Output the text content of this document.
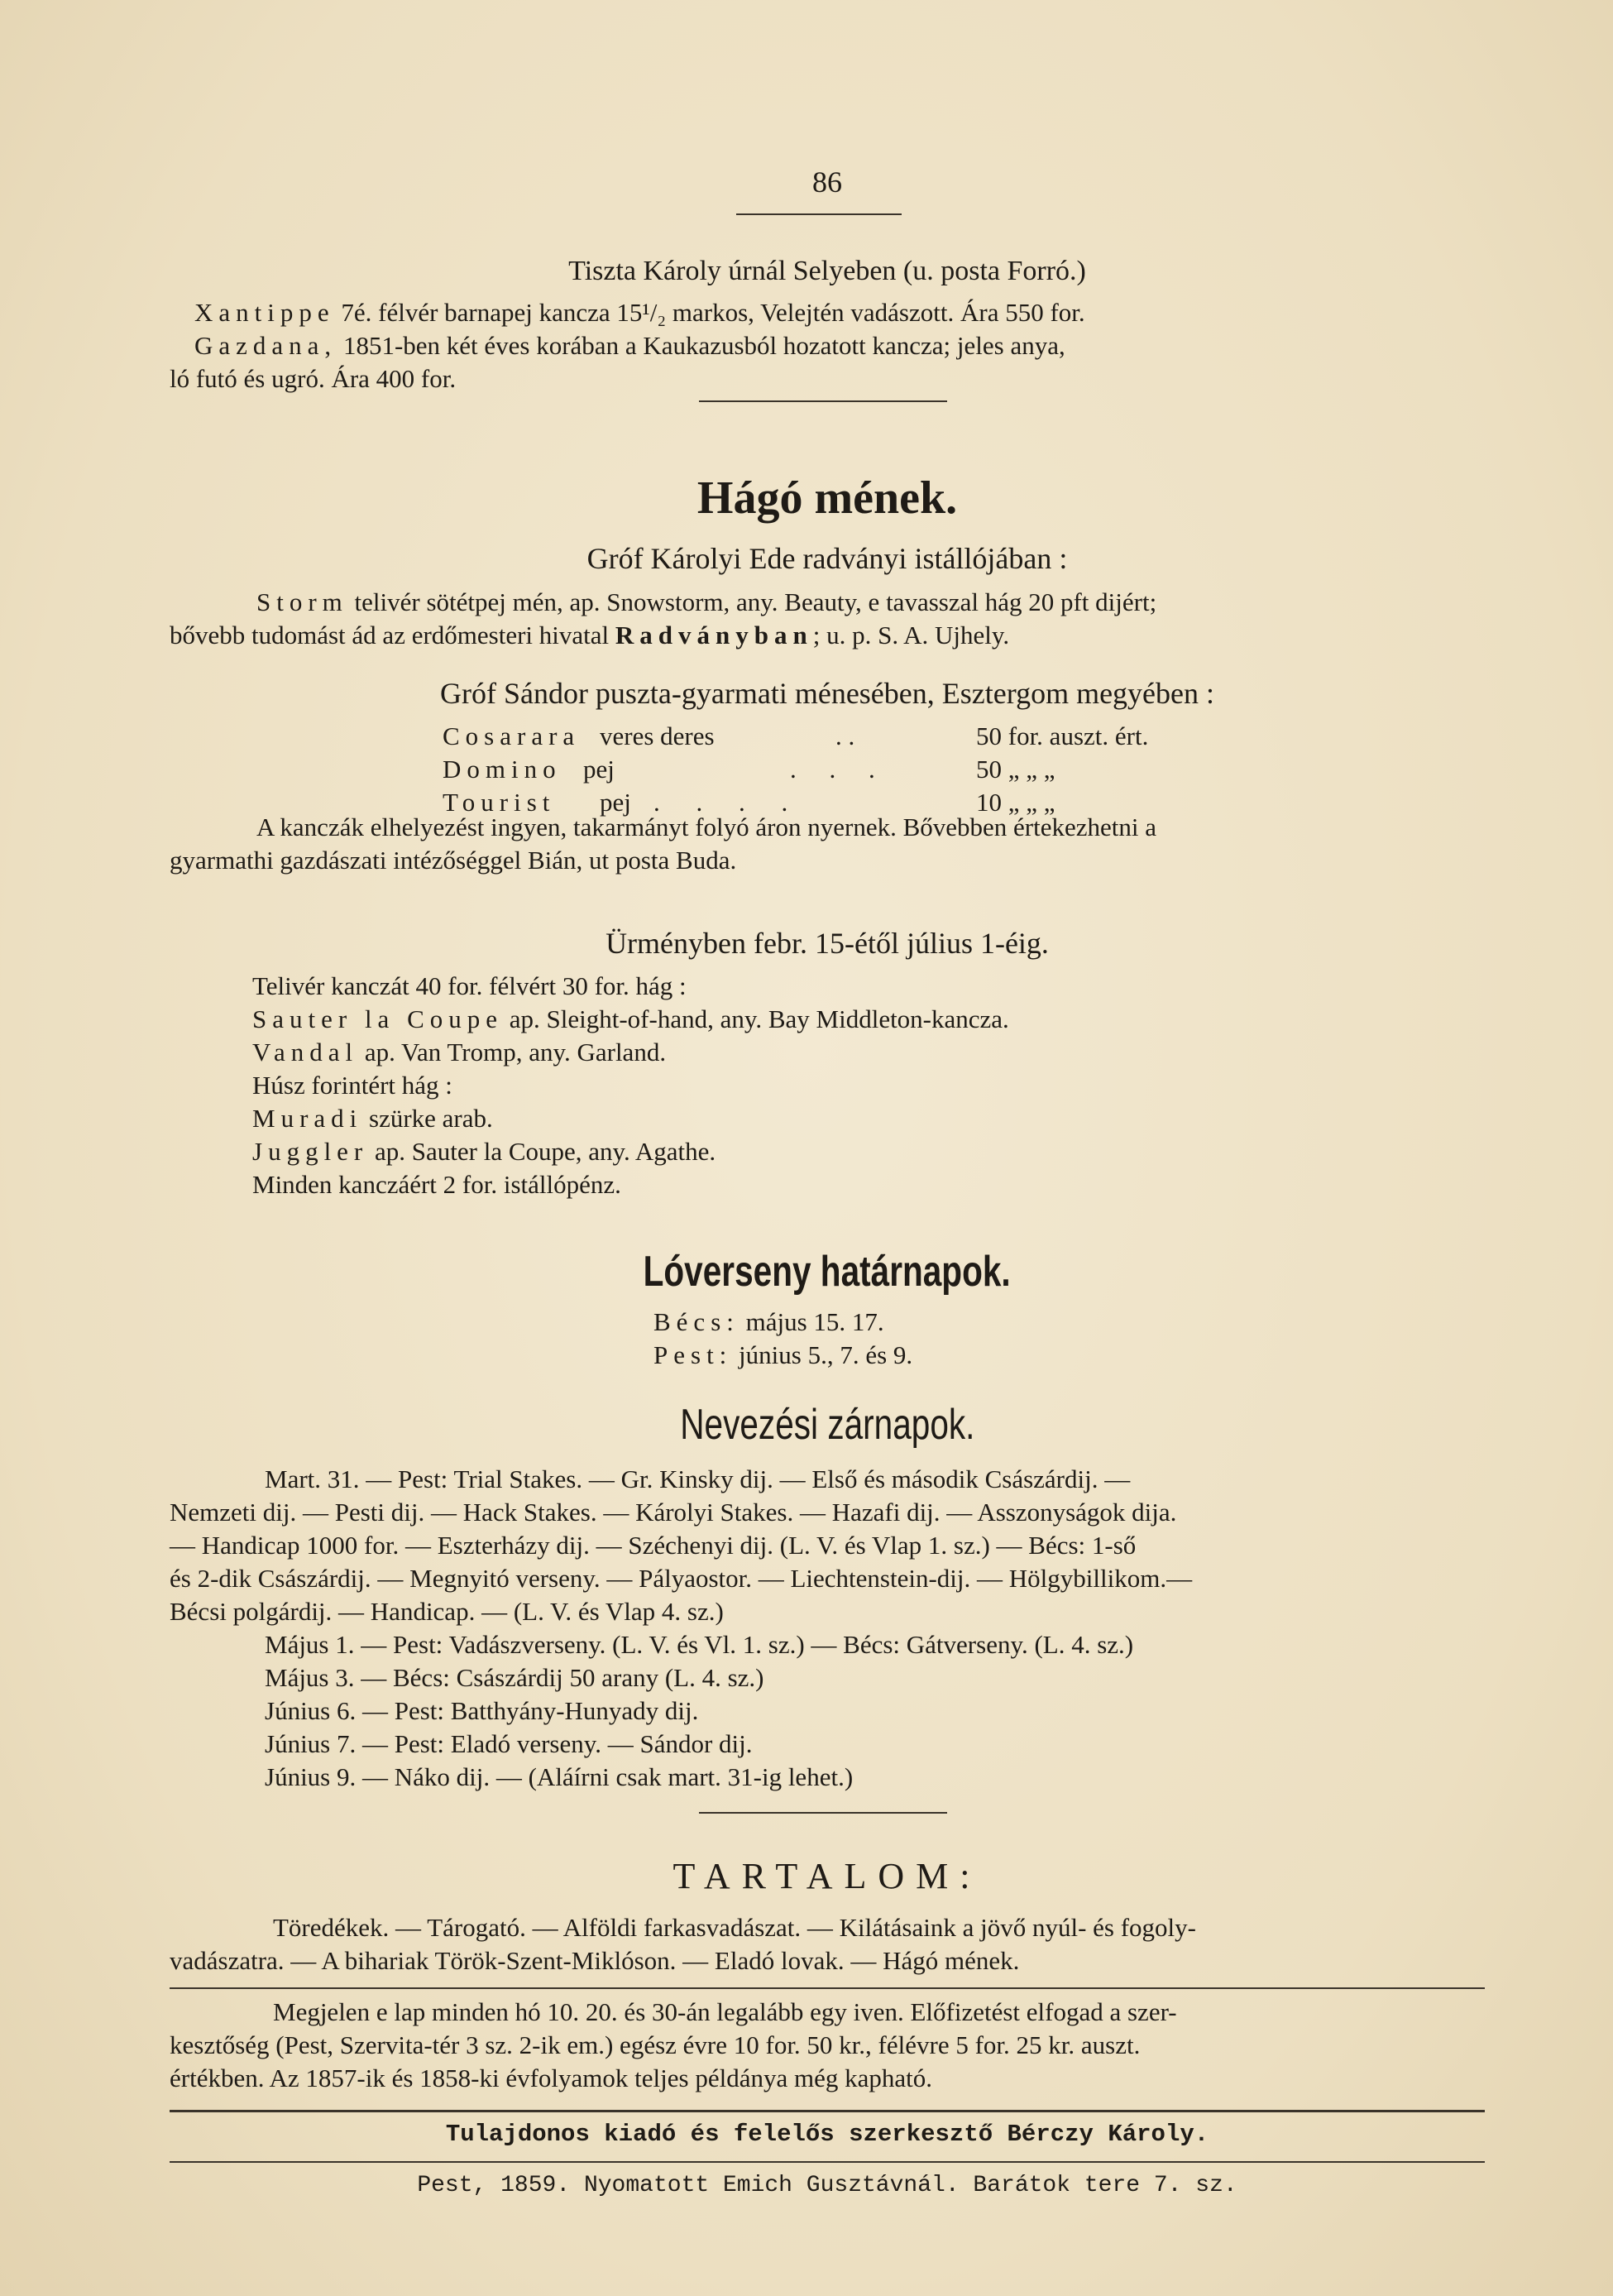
86
Tiszta Károly úrnál Selyeben (u. posta Forró.)
Xantippe 7é. félvér barnapej kancza 15¹/₂ markos, Velejtén vadászott. Ára 550 for.
Gazdana, 1851-ben két éves korában a Kaukazusból hozatott kancza; jeles anya,
ló futó és ugró. Ára 400 for.
Hágó mének.
Gróf Károlyi Ede radványi istállójában :
Storm telivér sötétpej mén, ap. Snowstorm, any. Beauty, e tavasszal hág 20 pft dijért;
bővebb tudomást ád az erdőmesteri hivatal Radványban; u. p. S. A. Ujhely.
Gróf Sándor puszta-gyarmati ménesében, Esztergom megyében :
Cosarara veres deres	. .	50 for. auszt. ért.
Domino pej	. . .	50 „ „ „
Tourist pej . . . .	10 „ „ „
A kanczák elhelyezést ingyen, takarmányt folyó áron nyernek. Bővebben értekezhetni a
gyarmathi gazdászati intézőséggel Bián, ut posta Buda.
Ürményben febr. 15-étől július 1-éig.
Telivér kanczát 40 for. félvért 30 for. hág :
Sauter la Coupe ap. Sleight-of-hand, any. Bay Middleton-kancza.
Vandal ap. Van Tromp, any. Garland.
Húsz forintért hág :
Muradi szürke arab.
Juggler ap. Sauter la Coupe, any. Agathe.
Minden kanczáért 2 for. istállópénz.
Lóverseny határnapok.
Bécs: május 15. 17.
Pest: június 5., 7. és 9.
Nevezési zárnapok.
Mart. 31. — Pest: Trial Stakes. — Gr. Kinsky dij. — Első és második Császárdij. —
Nemzeti dij. — Pesti dij. — Hack Stakes. — Károlyi Stakes. — Hazafi dij. — Asszonyságok dija.
— Handicap 1000 for. — Eszterházy dij. — Széchenyi dij. (L. V. és Vlap 1. sz.) — Bécs: 1-ső
és 2-dik Császárdij. — Megnyitó verseny. — Pályaostor. — Liechtenstein-dij. — Hölgybillikom.—
Bécsi polgárdij. — Handicap. — (L. V. és Vlap 4. sz.)
Május 1. — Pest: Vadászverseny. (L. V. és Vl. 1. sz.) — Bécs: Gátverseny. (L. 4. sz.)
Május 3. — Bécs: Császárdij 50 arany (L. 4. sz.)
Június 6. — Pest: Batthyány-Hunyady dij.
Június 7. — Pest: Eladó verseny. — Sándor dij.
Június 9. — Náko dij. — (Aláírni csak mart. 31-ig lehet.)
TARTALOM:
Töredékek. — Tárogató. — Alföldi farkasvadászat. — Kilátásaink a jövő nyúl- és fogoly-
vadászatra. — A bihariak Török-Szent-Miklóson. — Eladó lovak. — Hágó mének.
Megjelen e lap minden hó 10. 20. és 30-án legalább egy iven. Előfizetést elfogad a szer-
kesztőség (Pest, Szervita-tér 3 sz. 2-ik em.) egész évre 10 for. 50 kr., félévre 5 for. 25 kr. auszt.
értékben. Az 1857-ik és 1858-ki évfolyamok teljes példánya még kapható.
Tulajdonos kiadó és felelős szerkesztő Bérczy Károly.
Pest, 1859. Nyomatott Emich Gusztávnál. Barátok tere 7. sz.
